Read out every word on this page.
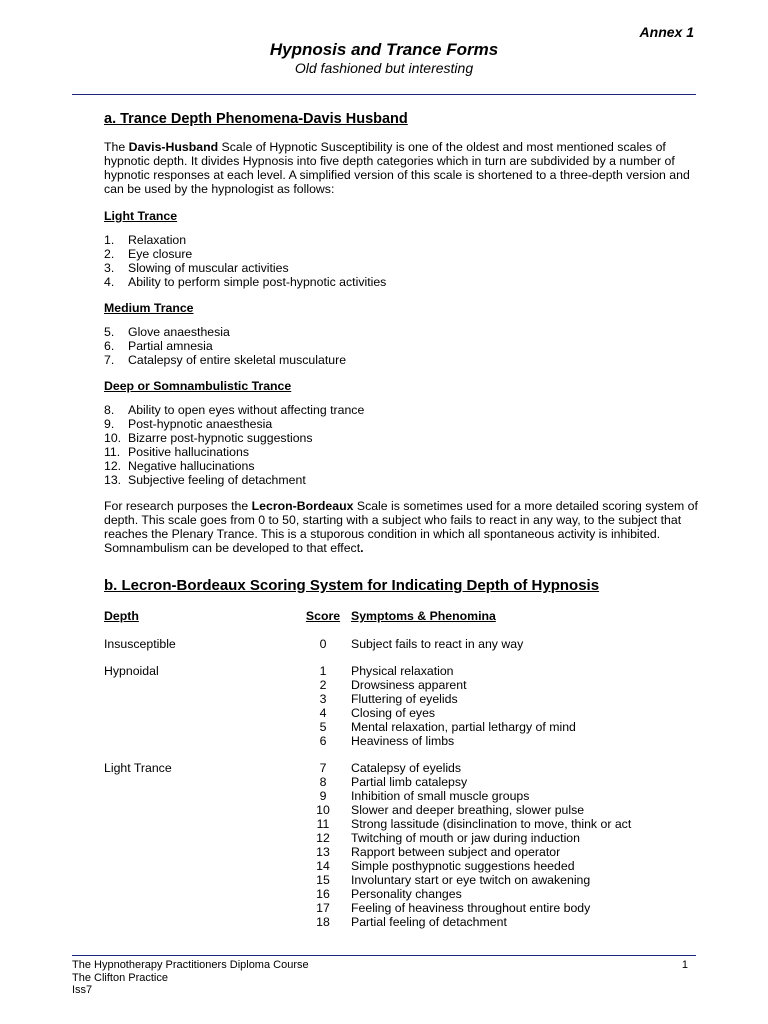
Annex 1
Hypnosis and Trance Forms
Old fashioned but interesting
a. Trance Depth Phenomena-Davis Husband

The Davis-Husband Scale of Hypnotic Susceptibility is one of the oldest and most mentioned scales of hypnotic depth. It divides Hypnosis into five depth categories which in turn are subdivided by a number of hypnotic responses at each level. A simplified version of this scale is shortened to a three-depth version and can be used by the hypnologist as follows:

Light Trance
1.	Relaxation
2.	Eye closure
3.	Slowing of muscular activities
4.	Ability to perform simple post-hypnotic activities
Medium Trance
5.	Glove anaesthesia
6.	Partial amnesia
7.	Catalepsy of entire skeletal musculature
Deep or Somnambulistic Trance
8.	Ability to open eyes without affecting trance
9.	Post-hypnotic anaesthesia
10. Bizarre post-hypnotic suggestions
11. Positive hallucinations
12. Negative hallucinations
13. Subjective feeling of detachment

For research purposes the Lecron-Bordeaux Scale is sometimes used for a more detailed scoring system of depth. This scale goes from 0 to 50, starting with a subject who fails to react in any way, to the subject that reaches the Plenary Trance. This is a stuporous condition in which all spontaneous activity is inhibited. Somnambulism can be developed to that effect.

b. Lecron-Bordeaux Scoring System for Indicating Depth of Hypnosis
Depth	Score Symptoms & Phenomina
Insusceptible	0	Subject fails to react in any way
Hypnoidal	1	Physical relaxation
2	Drowsiness apparent
3	Fluttering of eyelids
4	Closing of eyes
5	Mental relaxation, partial lethargy of mind
6	Heaviness of limbs
Light Trance	7	Catalepsy of eyelids
8	Partial limb catalepsy
9	Inhibition of small muscle groups
10	Slower and deeper breathing, slower pulse
11	Strong lassitude (disinclination to move, think or act
12	Twitching of mouth or jaw during induction
13	Rapport between subject and operator
14	Simple posthypnotic suggestions heeded
15	Involuntary start or eye twitch on awakening
16	Personality changes
17	Feeling of heaviness throughout entire body
18	Partial feeling of detachment
The Hypnotherapy Practitioners Diploma Course
The Clifton Practice
Iss7
1
